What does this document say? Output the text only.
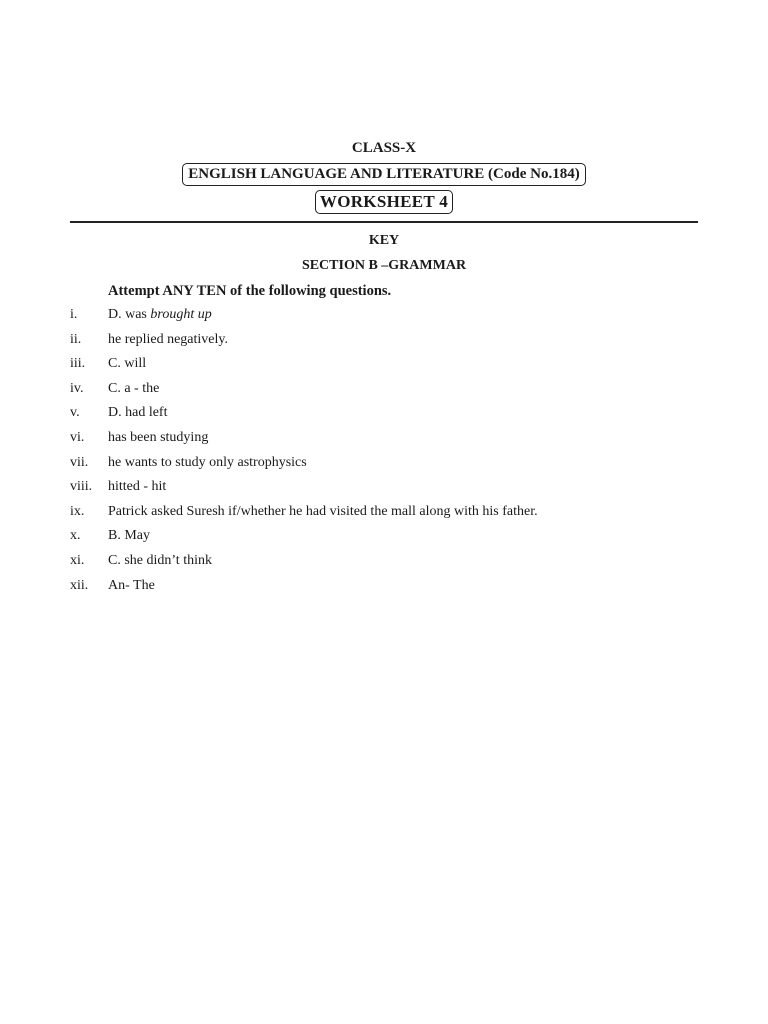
CLASS-X
ENGLISH LANGUAGE AND LITERATURE (Code No.184)
WORKSHEET 4
KEY
SECTION B –GRAMMAR
Attempt ANY TEN of the following questions.
i. D. was brought up
ii. he replied negatively.
iii. C. will
iv. C. a - the
v. D. had left
vi. has been studying
vii. he wants to study only astrophysics
viii. hitted - hit
ix. Patrick asked Suresh if/whether he had visited the mall along with his father.
x. B. May
xi. C. she didn’t think
xii. An- The
